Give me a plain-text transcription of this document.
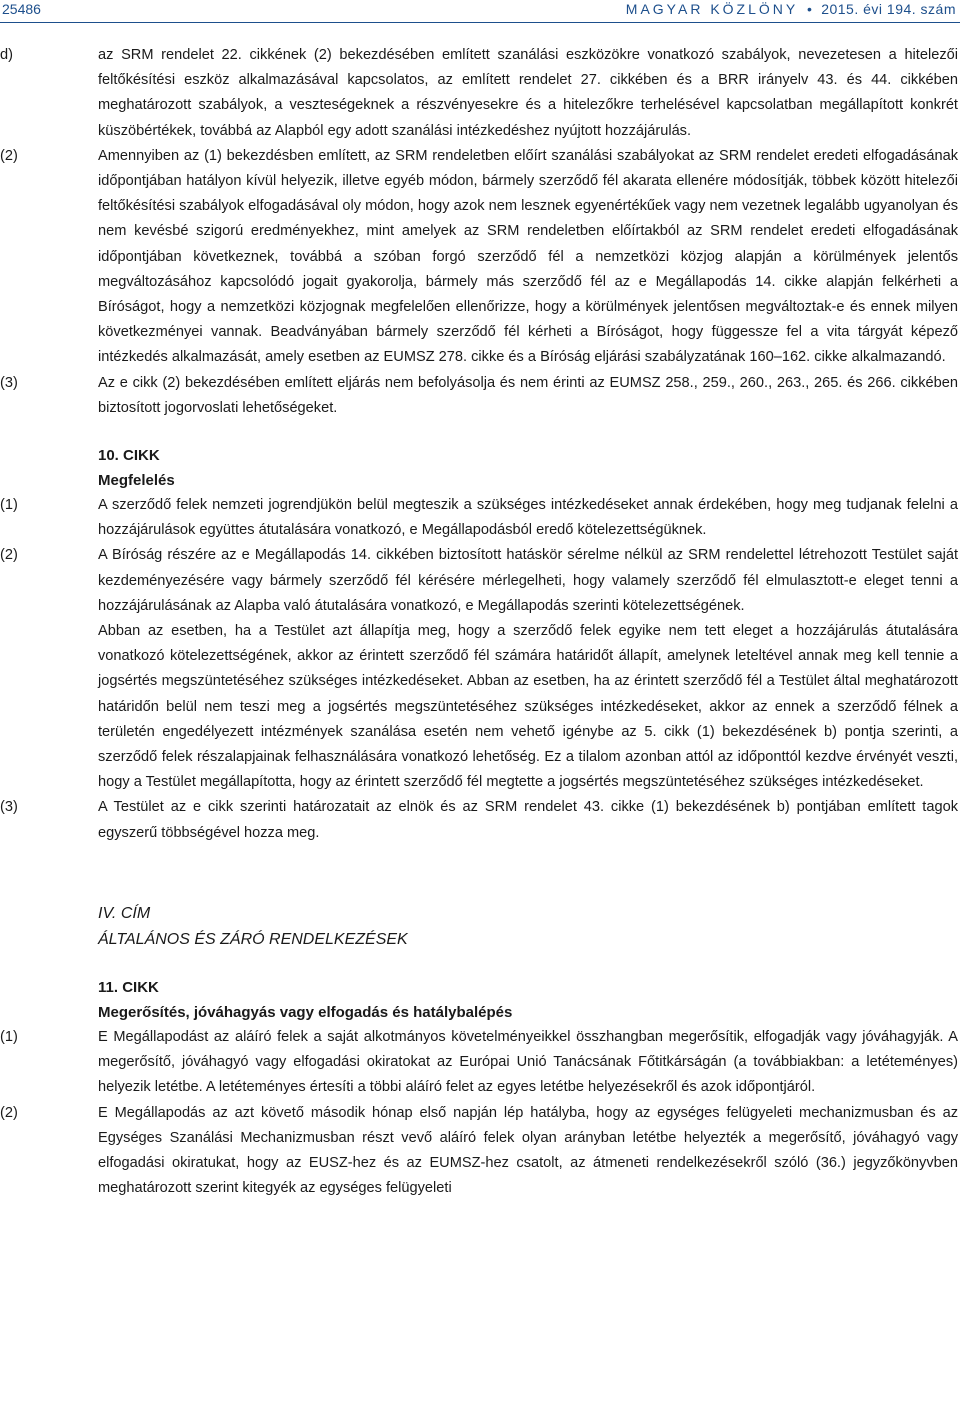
25486	MAGYAR KÖZLÖNY • 2015. évi 194. szám
d)	az SRM rendelet 22. cikkének (2) bekezdésében említett szanálási eszközökre vonatkozó szabályok, nevezetesen a hitelezői feltőkésítési eszköz alkalmazásával kapcsolatos, az említett rendelet 27. cikkében és a BRR irányelv 43. és 44. cikkében meghatározott szabályok, a veszteségeknek a részvényesekre és a hitelezőkre terhelésével kapcsolatban megállapított konkrét küszöbértékek, továbbá az Alapból egy adott szanálási intézkedéshez nyújtott hozzájárulás.
(2)	Amennyiben az (1) bekezdésben említett, az SRM rendeletben előírt szanálási szabályokat az SRM rendelet eredeti elfogadásának időpontjában hatályon kívül helyezik, illetve egyéb módon, bármely szerződő fél akarata ellenére módosítják, többek között hitelezői feltőkésítési szabályok elfogadásával oly módon, hogy azok nem lesznek egyenértékűek vagy nem vezetnek legalább ugyanolyan és nem kevésbé szigorú eredményekhez, mint amelyek az SRM rendeletben előírtakból az SRM rendelet eredeti elfogadásának időpontjában következnek, továbbá a szóban forgó szerződő fél a nemzetközi közjog alapján a körülmények jelentős megváltozásához kapcsolódó jogait gyakorolja, bármely más szerződő fél az e Megállapodás 14. cikke alapján felkérheti a Bíróságot, hogy a nemzetközi közjognak megfelelően ellenőrizze, hogy a körülmények jelentősen megváltoztak-e és ennek milyen következményei vannak. Beadványában bármely szerződő fél kérheti a Bíróságot, hogy függessze fel a vita tárgyát képező intézkedés alkalmazását, amely esetben az EUMSZ 278. cikke és a Bíróság eljárási szabályzatának 160–162. cikke alkalmazandó.
(3)	Az e cikk (2) bekezdésében említett eljárás nem befolyásolja és nem érinti az EUMSZ 258., 259., 260., 263., 265. és 266. cikkében biztosított jogorvoslati lehetőségeket.
10. CIKK
Megfelelés
(1)	A szerződő felek nemzeti jogrendjükön belül megteszik a szükséges intézkedéseket annak érdekében, hogy meg tudjanak felelni a hozzájárulások együttes átutalására vonatkozó, e Megállapodásból eredő kötelezettségüknek.
(2)	A Bíróság részére az e Megállapodás 14. cikkében biztosított hatáskör sérelme nélkül az SRM rendelettel létrehozott Testület saját kezdeményezésére vagy bármely szerződő fél kérésére mérlegelheti, hogy valamely szerződő fél elmulasztott-e eleget tenni a hozzájárulásának az Alapba való átutalására vonatkozó, e Megállapodás szerinti kötelezettségének.
Abban az esetben, ha a Testület azt állapítja meg, hogy a szerződő felek egyike nem tett eleget a hozzájárulás átutalására vonatkozó kötelezettségének, akkor az érintett szerződő fél számára határidőt állapít, amelynek leteltével annak meg kell tennie a jogsértés megszüntetéséhez szükséges intézkedéseket. Abban az esetben, ha az érintett szerződő fél a Testület által meghatározott határidőn belül nem teszi meg a jogsértés megszüntetéséhez szükséges intézkedéseket, akkor az ennek a szerződő félnek a területén engedélyezett intézmények szanálása esetén nem vehető igénybe az 5. cikk (1) bekezdésének b) pontja szerinti, a szerződő felek részalapjainak felhasználására vonatkozó lehetőség. Ez a tilalom azonban attól az időponttól kezdve érvényét veszti, hogy a Testület megállapította, hogy az érintett szerződő fél megtette a jogsértés megszüntetéséhez szükséges intézkedéseket.
(3)	A Testület az e cikk szerinti határozatait az elnök és az SRM rendelet 43. cikke (1) bekezdésének b) pontjában említett tagok egyszerű többségével hozza meg.
IV. CÍM
ÁLTALÁNOS ÉS ZÁRÓ RENDELKEZÉSEK
11. CIKK
Megerősítés, jóváhagyás vagy elfogadás és hatálybalépés
(1)	E Megállapodást az aláíró felek a saját alkotmányos követelményeikkel összhangban megerősítik, elfogadják vagy jóváhagyják. A megerősítő, jóváhagyó vagy elfogadási okiratokat az Európai Unió Tanácsának Főtitkárságán (a továbbiakban: a letéteményes) helyezik letétbe. A letéteményes értesíti a többi aláíró felet az egyes letétbe helyezésekről és azok időpontjáról.
(2)	E Megállapodás az azt követő második hónap első napján lép hatályba, hogy az egységes felügyeleti mechanizmusban és az Egységes Szanálási Mechanizmusban részt vevő aláíró felek olyan arányban letétbe helyezték a megerősítő, jóváhagyó vagy elfogadási okiratukat, hogy az EUSZ-hez és az EUMSZ-hez csatolt, az átmeneti rendelkezésekről szóló (36.) jegyzőkönyvben meghatározott szerint kitegyék az egységes felügyeleti
